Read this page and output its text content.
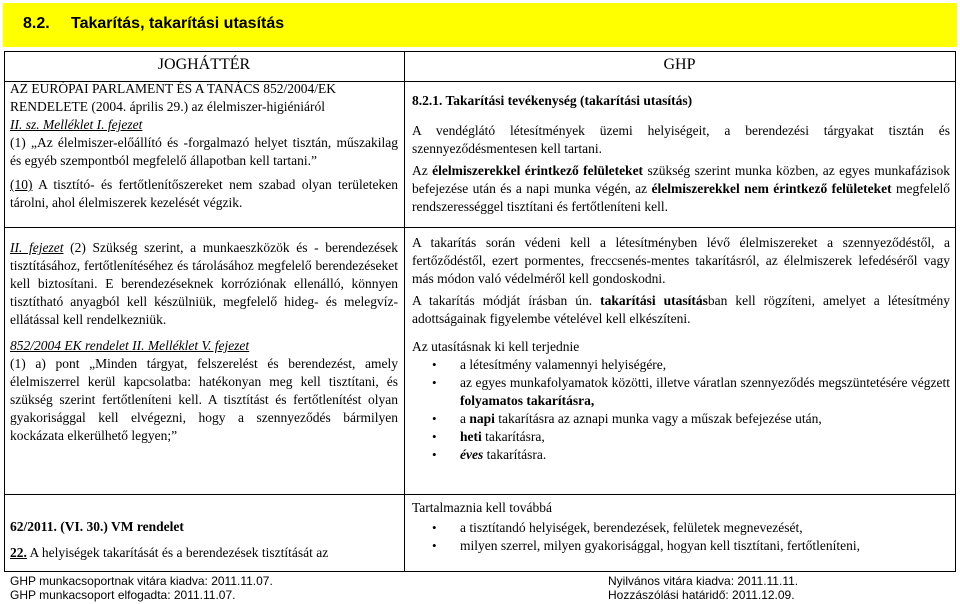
8.2. Takarítás, takarítási utasítás
JOGHÁTTÉR	GHP
AZ EURÓPAI PARLAMENT ÉS A TANÁCS 852/2004/EK
RENDELETE (2004. április 29.) az élelmiszer-higiéniáról
II. sz. Melléklet I. fejezet
(1) „Az élelmiszer-előállító és -forgalmazó helyet tisztán, műszakilag és egyéb szempontból megfelelő állapotban kell tartani.”
(10) A tisztító- és fertőtlenítőszereket nem szabad olyan területeken tárolni, ahol élelmiszerek kezelését végzik.
II. fejezet (2) Szükség szerint, a munkaeszközök és - berendezések tisztításához, fertőtlenítéséhez és tárolásához megfelelő berendezéseket kell biztosítani. E berendezéseknek korróziónak ellenálló, könnyen tisztítható anyagból kell készülniük, megfelelő hideg- és melegvíz-ellátással kell rendelkezniük.
852/2004 EK rendelet II. Melléklet V. fejezet
(1) a) pont „Minden tárgyat, felszerelést és berendezést, amely élelmiszerrel kerül kapcsolatba: hatékonyan meg kell tisztítani, és szükség szerint fertőtleníteni kell. A tisztítást és fertőtlenítést olyan gyakorisággal kell elvégezni, hogy a szennyeződés bármilyen kockázata elkerülhető legyen;”
62/2011. (VI. 30.) VM rendelet
22. A helyiségek takarítását és a berendezések tisztítását az
8.2.1. Takarítási tevékenység (takarítási utasítás)
A vendéglátó létesítmények üzemi helyiségeit, a berendezési tárgyakat tisztán és szennyeződésmentesen kell tartani.
Az élelmiszerekkel érintkező felületeket szükség szerint munka közben, az egyes munkafázisok befejezése után és a napi munka végén, az élelmiszerekkel nem érintkező felületeket megfelelő rendszerességgel tisztítani és fertőtleníteni kell.
A takarítás során védeni kell a létesítményben lévő élelmiszereket a szennyeződéstől, a fertőződéstől, ezert pormentes, freccsenés-mentes takarításról, az élelmiszerek lefedéséről vagy más módon való védelméről kell gondoskodni.
A takarítás módját írásban ún. takarítási utasításban kell rögzíteni, amelyet a létesítmény adottságainak figyelembe vételével kell elkészíteni.
Az utasításnak ki kell terjednie
• a létesítmény valamennyi helyiségére,
• az egyes munkafolyamatok közötti, illetve váratlan szennyeződés megszüntetésére végzett folyamatos takarításra,
• a napi takarításra az aznapi munka vagy a műszak befejezése után,
• heti takarításra,
• éves takarításra.
Tartalmaznia kell továbbá
• a tisztítandó helyiségek, berendezések, felületek megnevezését,
• milyen szerrel, milyen gyakorisággal, hogyan kell tisztítani, fertőtleníteni,
GHP munkacsoportnak vitára kiadva: 2011.11.07.
GHP munkacsoport elfogadta: 2011.11.07.
Nyilvános vitára kiadva: 2011.11.11.
Hozzászólási határidő: 2011.12.09.
